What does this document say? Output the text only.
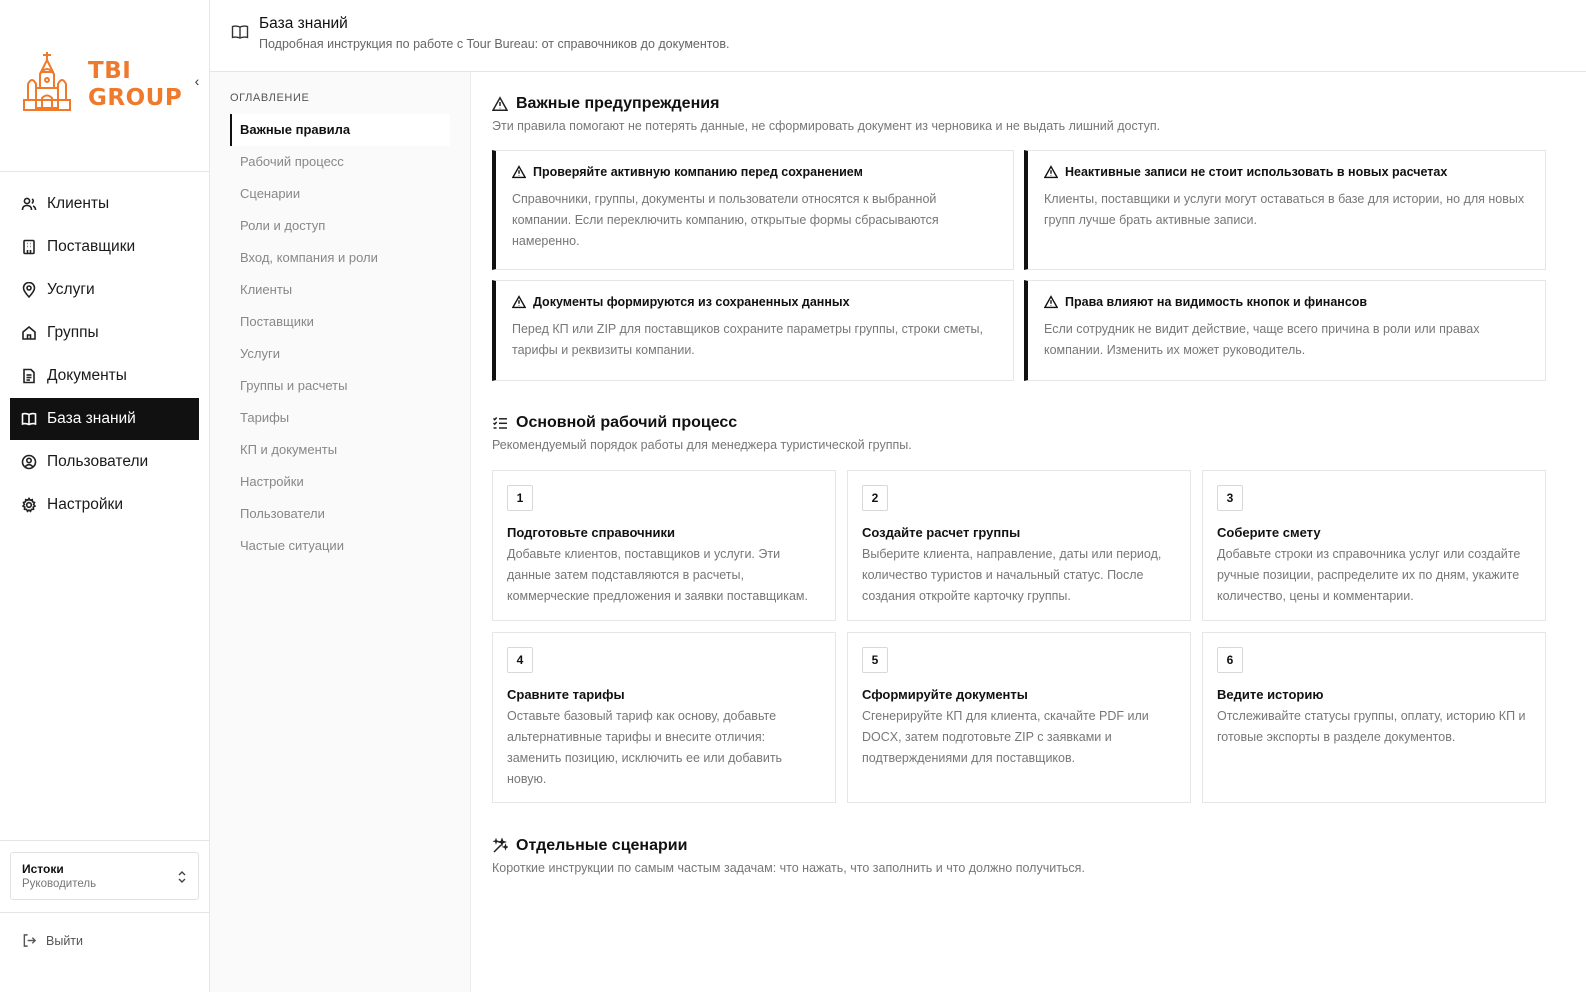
TBI
GROUP
‹
Клиенты
Поставщики
Услуги
Группы
Документы
База знаний
Пользователи
Настройки
Истоки
Руководитель
Выйти
База знаний
Подробная инструкция по работе с Tour Bureau: от справочников до документов.
ОГЛАВЛЕНИЕ
Важные правила
Рабочий процесс
Сценарии
Роли и доступ
Вход, компания и роли
Клиенты
Поставщики
Услуги
Группы и расчеты
Тарифы
КП и документы
Настройки
Пользователи
Частые ситуации
Важные предупреждения
Эти правила помогают не потерять данные, не сформировать документ из черновика и не выдать лишний доступ.
Проверяйте активную компанию перед сохранением
Справочники, группы, документы и пользователи относятся к выбранной компании. Если переключить компанию, открытые формы сбрасываются намеренно.
Неактивные записи не стоит использовать в новых расчетах
Клиенты, поставщики и услуги могут оставаться в базе для истории, но для новых групп лучше брать активные записи.
Документы формируются из сохраненных данных
Перед КП или ZIP для поставщиков сохраните параметры группы, строки сметы, тарифы и реквизиты компании.
Права влияют на видимость кнопок и финансов
Если сотрудник не видит действие, чаще всего причина в роли или правах компании. Изменить их может руководитель.
Основной рабочий процесс
Рекомендуемый порядок работы для менеджера туристической группы.
1
Подготовьте справочники
Добавьте клиентов, поставщиков и услуги. Эти данные затем подставляются в расчеты, коммерческие предложения и заявки поставщикам.
2
Создайте расчет группы
Выберите клиента, направление, даты или период, количество туристов и начальный статус. После создания откройте карточку группы.
3
Соберите смету
Добавьте строки из справочника услуг или создайте ручные позиции, распределите их по дням, укажите количество, цены и комментарии.
4
Сравните тарифы
Оставьте базовый тариф как основу, добавьте альтернативные тарифы и внесите отличия: заменить позицию, исключить ее или добавить новую.
5
Сформируйте документы
Сгенерируйте КП для клиента, скачайте PDF или DOCX, затем подготовьте ZIP с заявками и подтверждениями для поставщиков.
6
Ведите историю
Отслеживайте статусы группы, оплату, историю КП и готовые экспорты в разделе документов.
Отдельные сценарии
Короткие инструкции по самым частым задачам: что нажать, что заполнить и что должно получиться.
